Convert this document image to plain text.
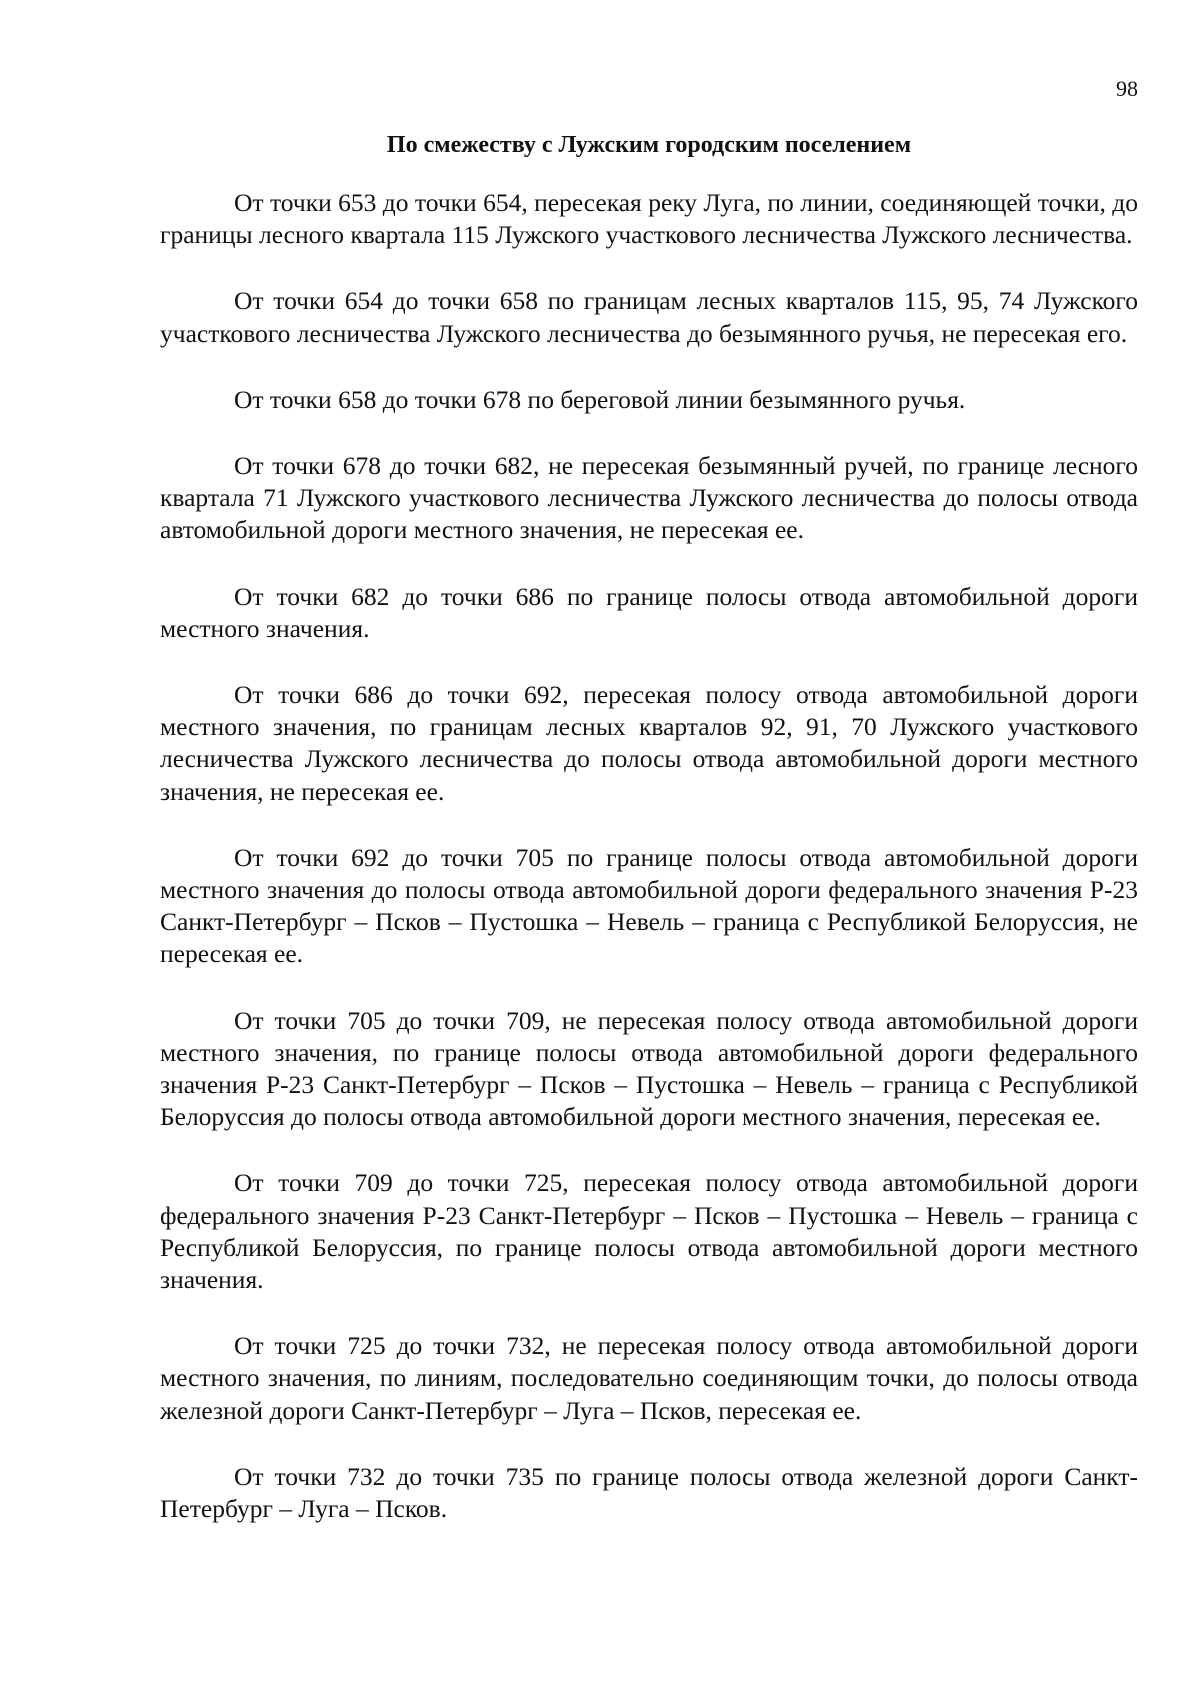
98
По смежеству с Лужским городским поселением

От точки 653 до точки 654, пересекая реку Луга, по линии, соединяющей точки, до границы лесного квартала 115 Лужского участкового лесничества Лужского лесничества.

От точки 654 до точки 658 по границам лесных кварталов 115, 95, 74 Лужского участкового лесничества Лужского лесничества до безымянного ручья, не пересекая его.

От точки 658 до точки 678 по береговой линии безымянного ручья.

От точки 678 до точки 682, не пересекая безымянный ручей, по границе лесного квартала 71 Лужского участкового лесничества Лужского лесничества до полосы отвода автомобильной дороги местного значения, не пересекая ее.

От точки 682 до точки 686 по границе полосы отвода автомобильной дороги местного значения.

От точки 686 до точки 692, пересекая полосу отвода автомобильной дороги местного значения, по границам лесных кварталов 92, 91, 70 Лужского участкового лесничества Лужского лесничества до полосы отвода автомобильной дороги местного значения, не пересекая ее.

От точки 692 до точки 705 по границе полосы отвода автомобильной дороги местного значения до полосы отвода автомобильной дороги федерального значения Р-23 Санкт-Петербург – Псков – Пустошка – Невель – граница с Республикой Белоруссия, не пересекая ее.

От точки 705 до точки 709, не пересекая полосу отвода автомобильной дороги местного значения, по границе полосы отвода автомобильной дороги федерального значения Р-23 Санкт-Петербург – Псков – Пустошка – Невель – граница с Республикой Белоруссия до полосы отвода автомобильной дороги местного значения, пересекая ее.

От точки 709 до точки 725, пересекая полосу отвода автомобильной дороги федерального значения Р-23 Санкт-Петербург – Псков – Пустошка – Невель – граница с Республикой Белоруссия, по границе полосы отвода автомобильной дороги местного значения.

От точки 725 до точки 732, не пересекая полосу отвода автомобильной дороги местного значения, по линиям, последовательно соединяющим точки, до полосы отвода железной дороги Санкт-Петербург – Луга – Псков, пересекая ее.

От точки 732 до точки 735 по границе полосы отвода железной дороги Санкт-Петербург – Луга – Псков.
